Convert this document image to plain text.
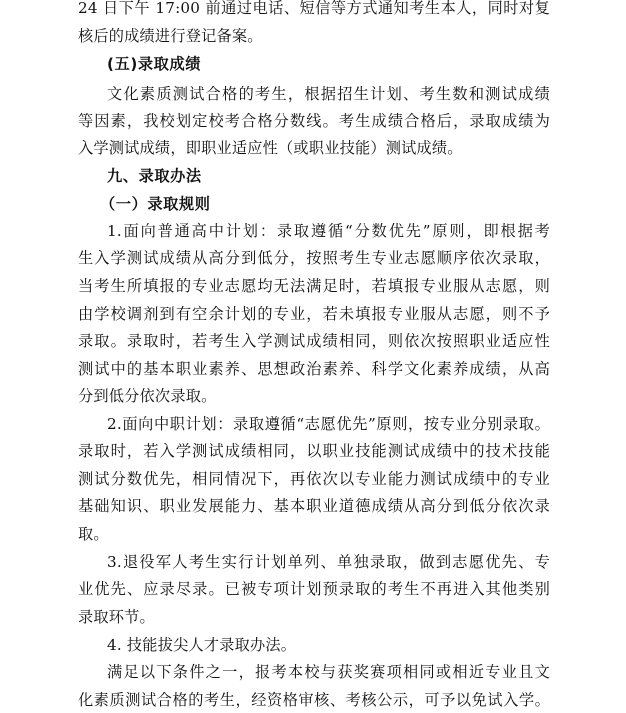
24 日下午 17:00 前通过电话、短信等方式通知考生本人，同时对复
核后的成绩进行登记备案。
(五)录取成绩
文化素质测试合格的考生，根据招生计划、考生数和测试成绩
等因素，我校划定校考合格分数线。考生成绩合格后，录取成绩为
入学测试成绩，即职业适应性（或职业技能）测试成绩。
九、录取办法
（一）录取规则
1.面向普通高中计划：录取遵循“分数优先”原则，即根据考
生入学测试成绩从高分到低分，按照考生专业志愿顺序依次录取，
当考生所填报的专业志愿均无法满足时，若填报专业服从志愿，则
由学校调剂到有空余计划的专业，若未填报专业服从志愿，则不予
录取。录取时，若考生入学测试成绩相同，则依次按照职业适应性
测试中的基本职业素养、思想政治素养、科学文化素养成绩，从高
分到低分依次录取。
2.面向中职计划：录取遵循“志愿优先”原则，按专业分别录取。
录取时，若入学测试成绩相同，以职业技能测试成绩中的技术技能
测试分数优先，相同情况下，再依次以专业能力测试成绩中的专业
基础知识、职业发展能力、基本职业道德成绩从高分到低分依次录
取。
3.退役军人考生实行计划单列、单独录取，做到志愿优先、专
业优先、应录尽录。已被专项计划预录取的考生不再进入其他类别
录取环节。
4. 技能拔尖人才录取办法。
满足以下条件之一，报考本校与获奖赛项相同或相近专业且文
化素质测试合格的考生，经资格审核、考核公示，可予以免试入学。
